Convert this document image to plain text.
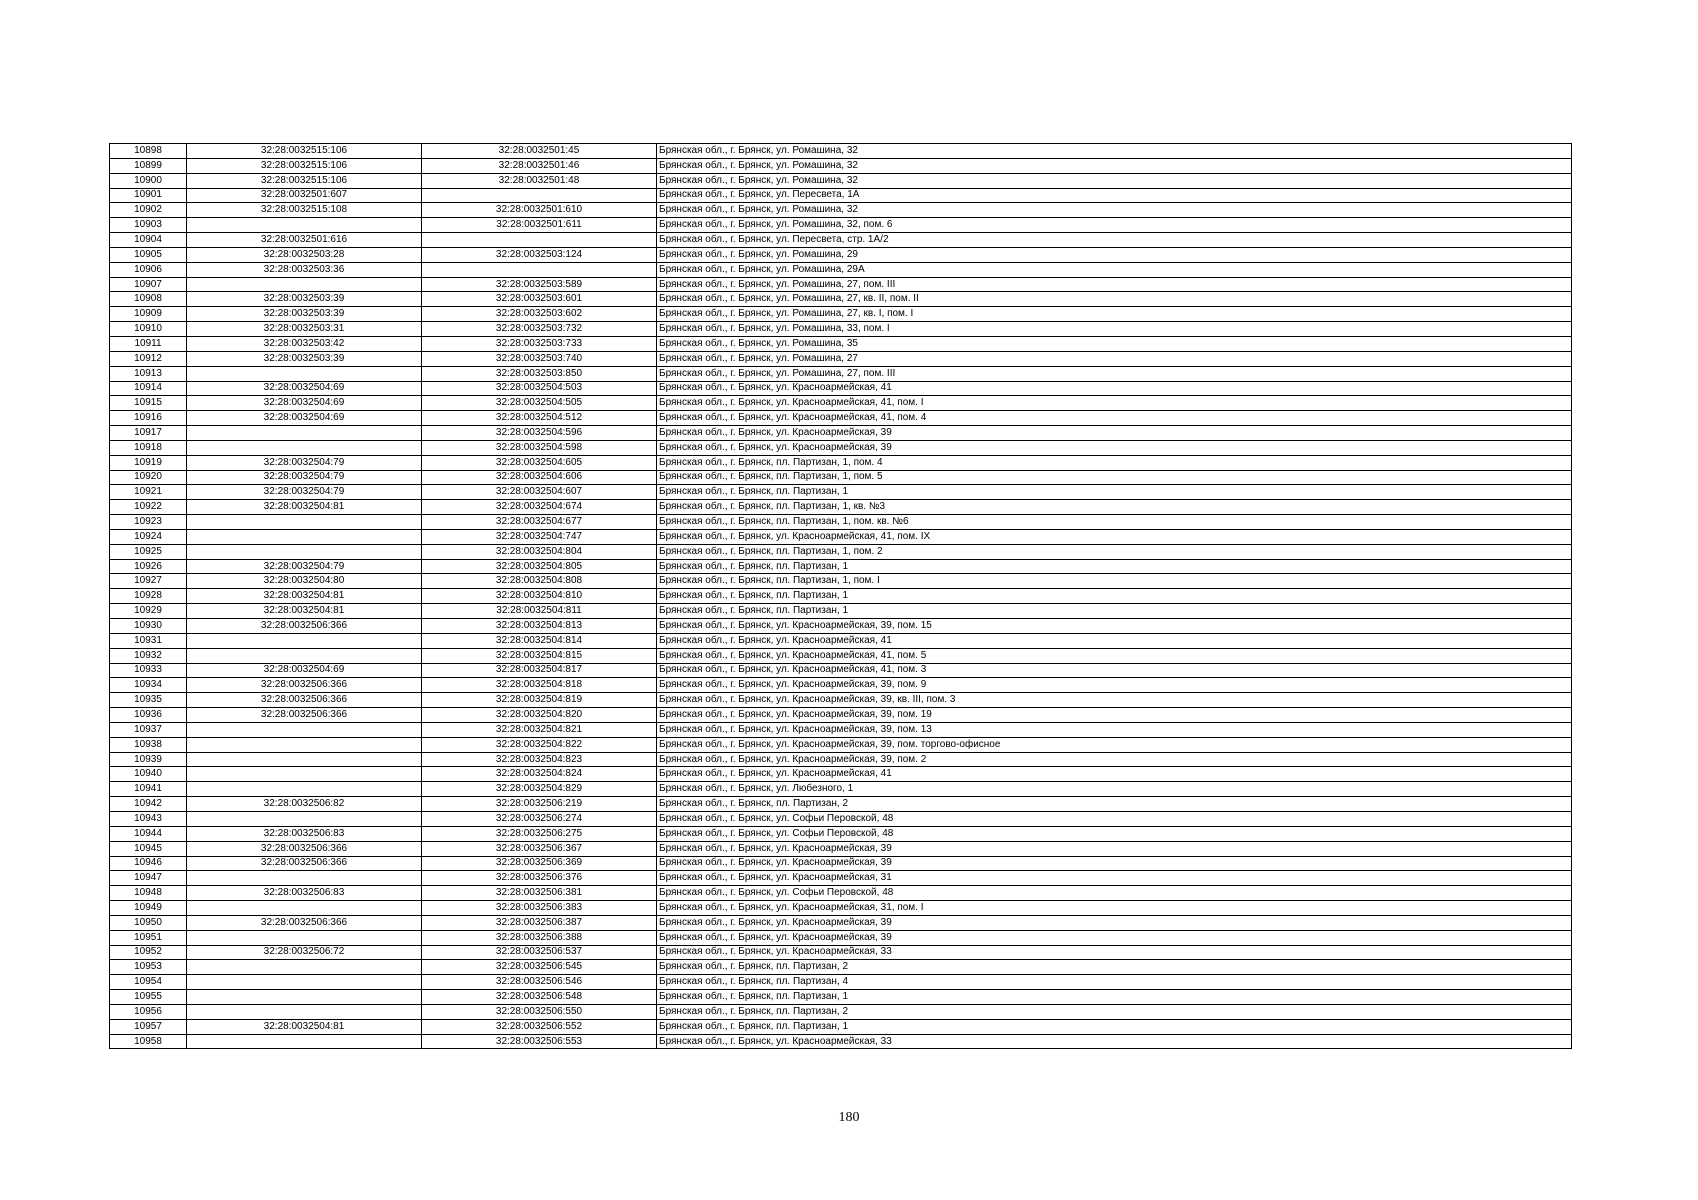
10898	32:28:0032515:106	32:28:0032501:45	Брянская обл., г. Брянск, ул. Ромашина, 32
10899	32:28:0032515:106	32:28:0032501:46	Брянская обл., г. Брянск, ул. Ромашина, 32
10900	32:28:0032515:106	32:28:0032501:48	Брянская обл., г. Брянск, ул. Ромашина, 32
10901	32:28:0032501:607		Брянская обл., г. Брянск, ул. Пересвета, 1А
10902	32:28:0032515:108	32:28:0032501:610	Брянская обл., г. Брянск, ул. Ромашина, 32
10903		32:28:0032501:611	Брянская обл., г. Брянск, ул. Ромашина, 32, пом. 6
10904	32:28:0032501:616		Брянская обл., г. Брянск, ул. Пересвета, стр. 1А/2
10905	32:28:0032503:28	32:28:0032503:124	Брянская обл., г. Брянск, ул. Ромашина, 29
10906	32:28:0032503:36		Брянская обл., г. Брянск, ул. Ромашина, 29А
10907		32:28:0032503:589	Брянская обл., г. Брянск, ул. Ромашина, 27, пом. III
10908	32:28:0032503:39	32:28:0032503:601	Брянская обл., г. Брянск, ул. Ромашина, 27, кв. II, пом. II
10909	32:28:0032503:39	32:28:0032503:602	Брянская обл., г. Брянск, ул. Ромашина, 27, кв. I, пом. I
10910	32:28:0032503:31	32:28:0032503:732	Брянская обл., г. Брянск, ул. Ромашина, 33, пом. I
10911	32:28:0032503:42	32:28:0032503:733	Брянская обл., г. Брянск, ул. Ромашина, 35
10912	32:28:0032503:39	32:28:0032503:740	Брянская обл., г. Брянск, ул. Ромашина, 27
10913		32:28:0032503:850	Брянская обл., г. Брянск, ул. Ромашина, 27, пом. III
10914	32:28:0032504:69	32:28:0032504:503	Брянская обл., г. Брянск, ул. Красноармейская, 41
10915	32:28:0032504:69	32:28:0032504:505	Брянская обл., г. Брянск, ул. Красноармейская, 41, пом. I
10916	32:28:0032504:69	32:28:0032504:512	Брянская обл., г. Брянск, ул. Красноармейская, 41, пом. 4
10917		32:28:0032504:596	Брянская обл., г. Брянск, ул. Красноармейская, 39
10918		32:28:0032504:598	Брянская обл., г. Брянск, ул. Красноармейская, 39
10919	32:28:0032504:79	32:28:0032504:605	Брянская обл., г. Брянск, пл. Партизан, 1, пом. 4
10920	32:28:0032504:79	32:28:0032504:606	Брянская обл., г. Брянск, пл. Партизан, 1, пом. 5
10921	32:28:0032504:79	32:28:0032504:607	Брянская обл., г. Брянск, пл. Партизан, 1
10922	32:28:0032504:81	32:28:0032504:674	Брянская обл., г. Брянск, пл. Партизан, 1, кв. №3
10923		32:28:0032504:677	Брянская обл., г. Брянск, пл. Партизан, 1, пом. кв. №6
10924		32:28:0032504:747	Брянская обл., г. Брянск, ул. Красноармейская, 41, пом. IX
10925		32:28:0032504:804	Брянская обл., г. Брянск, пл. Партизан, 1, пом. 2
10926	32:28:0032504:79	32:28:0032504:805	Брянская обл., г. Брянск, пл. Партизан, 1
10927	32:28:0032504:80	32:28:0032504:808	Брянская обл., г. Брянск, пл. Партизан, 1, пом. I
10928	32:28:0032504:81	32:28:0032504:810	Брянская обл., г. Брянск, пл. Партизан, 1
10929	32:28:0032504:81	32:28:0032504:811	Брянская обл., г. Брянск, пл. Партизан, 1
10930	32:28:0032506:366	32:28:0032504:813	Брянская обл., г. Брянск, ул. Красноармейская, 39, пом. 15
10931		32:28:0032504:814	Брянская обл., г. Брянск, ул. Красноармейская, 41
10932		32:28:0032504:815	Брянская обл., г. Брянск, ул. Красноармейская, 41, пом. 5
10933	32:28:0032504:69	32:28:0032504:817	Брянская обл., г. Брянск, ул. Красноармейская, 41, пом. 3
10934	32:28:0032506:366	32:28:0032504:818	Брянская обл., г. Брянск, ул. Красноармейская, 39, пом. 9
10935	32:28:0032506:366	32:28:0032504:819	Брянская обл., г. Брянск, ул. Красноармейская, 39, кв. III, пом. 3
10936	32:28:0032506:366	32:28:0032504:820	Брянская обл., г. Брянск, ул. Красноармейская, 39, пом. 19
10937		32:28:0032504:821	Брянская обл., г. Брянск, ул. Красноармейская, 39, пом. 13
10938		32:28:0032504:822	Брянская обл., г. Брянск, ул. Красноармейская, 39, пом. торгово-офисное
10939		32:28:0032504:823	Брянская обл., г. Брянск, ул. Красноармейская, 39, пом. 2
10940		32:28:0032504:824	Брянская обл., г. Брянск, ул. Красноармейская, 41
10941		32:28:0032504:829	Брянская обл., г. Брянск, ул. Любезного, 1
10942	32:28:0032506:82	32:28:0032506:219	Брянская обл., г. Брянск, пл. Партизан, 2
10943		32:28:0032506:274	Брянская обл., г. Брянск, ул. Софьи Перовской, 48
10944	32:28:0032506:83	32:28:0032506:275	Брянская обл., г. Брянск, ул. Софьи Перовской, 48
10945	32:28:0032506:366	32:28:0032506:367	Брянская обл., г. Брянск, ул. Красноармейская, 39
10946	32:28:0032506:366	32:28:0032506:369	Брянская обл., г. Брянск, ул. Красноармейская, 39
10947		32:28:0032506:376	Брянская обл., г. Брянск, ул. Красноармейская, 31
10948	32:28:0032506:83	32:28:0032506:381	Брянская обл., г. Брянск, ул. Софьи Перовской, 48
10949		32:28:0032506:383	Брянская обл., г. Брянск, ул. Красноармейская, 31, пом. I
10950	32:28:0032506:366	32:28:0032506:387	Брянская обл., г. Брянск, ул. Красноармейская, 39
10951		32:28:0032506:388	Брянская обл., г. Брянск, ул. Красноармейская, 39
10952	32:28:0032506:72	32:28:0032506:537	Брянская обл., г. Брянск, ул. Красноармейская, 33
10953		32:28:0032506:545	Брянская обл., г. Брянск, пл. Партизан, 2
10954		32:28:0032506:546	Брянская обл., г. Брянск, пл. Партизан, 4
10955		32:28:0032506:548	Брянская обл., г. Брянск, пл. Партизан, 1
10956		32:28:0032506:550	Брянская обл., г. Брянск, пл. Партизан, 2
10957	32:28:0032504:81	32:28:0032506:552	Брянская обл., г. Брянск, пл. Партизан, 1
10958		32:28:0032506:553	Брянская обл., г. Брянск, ул. Красноармейская, 33
180
